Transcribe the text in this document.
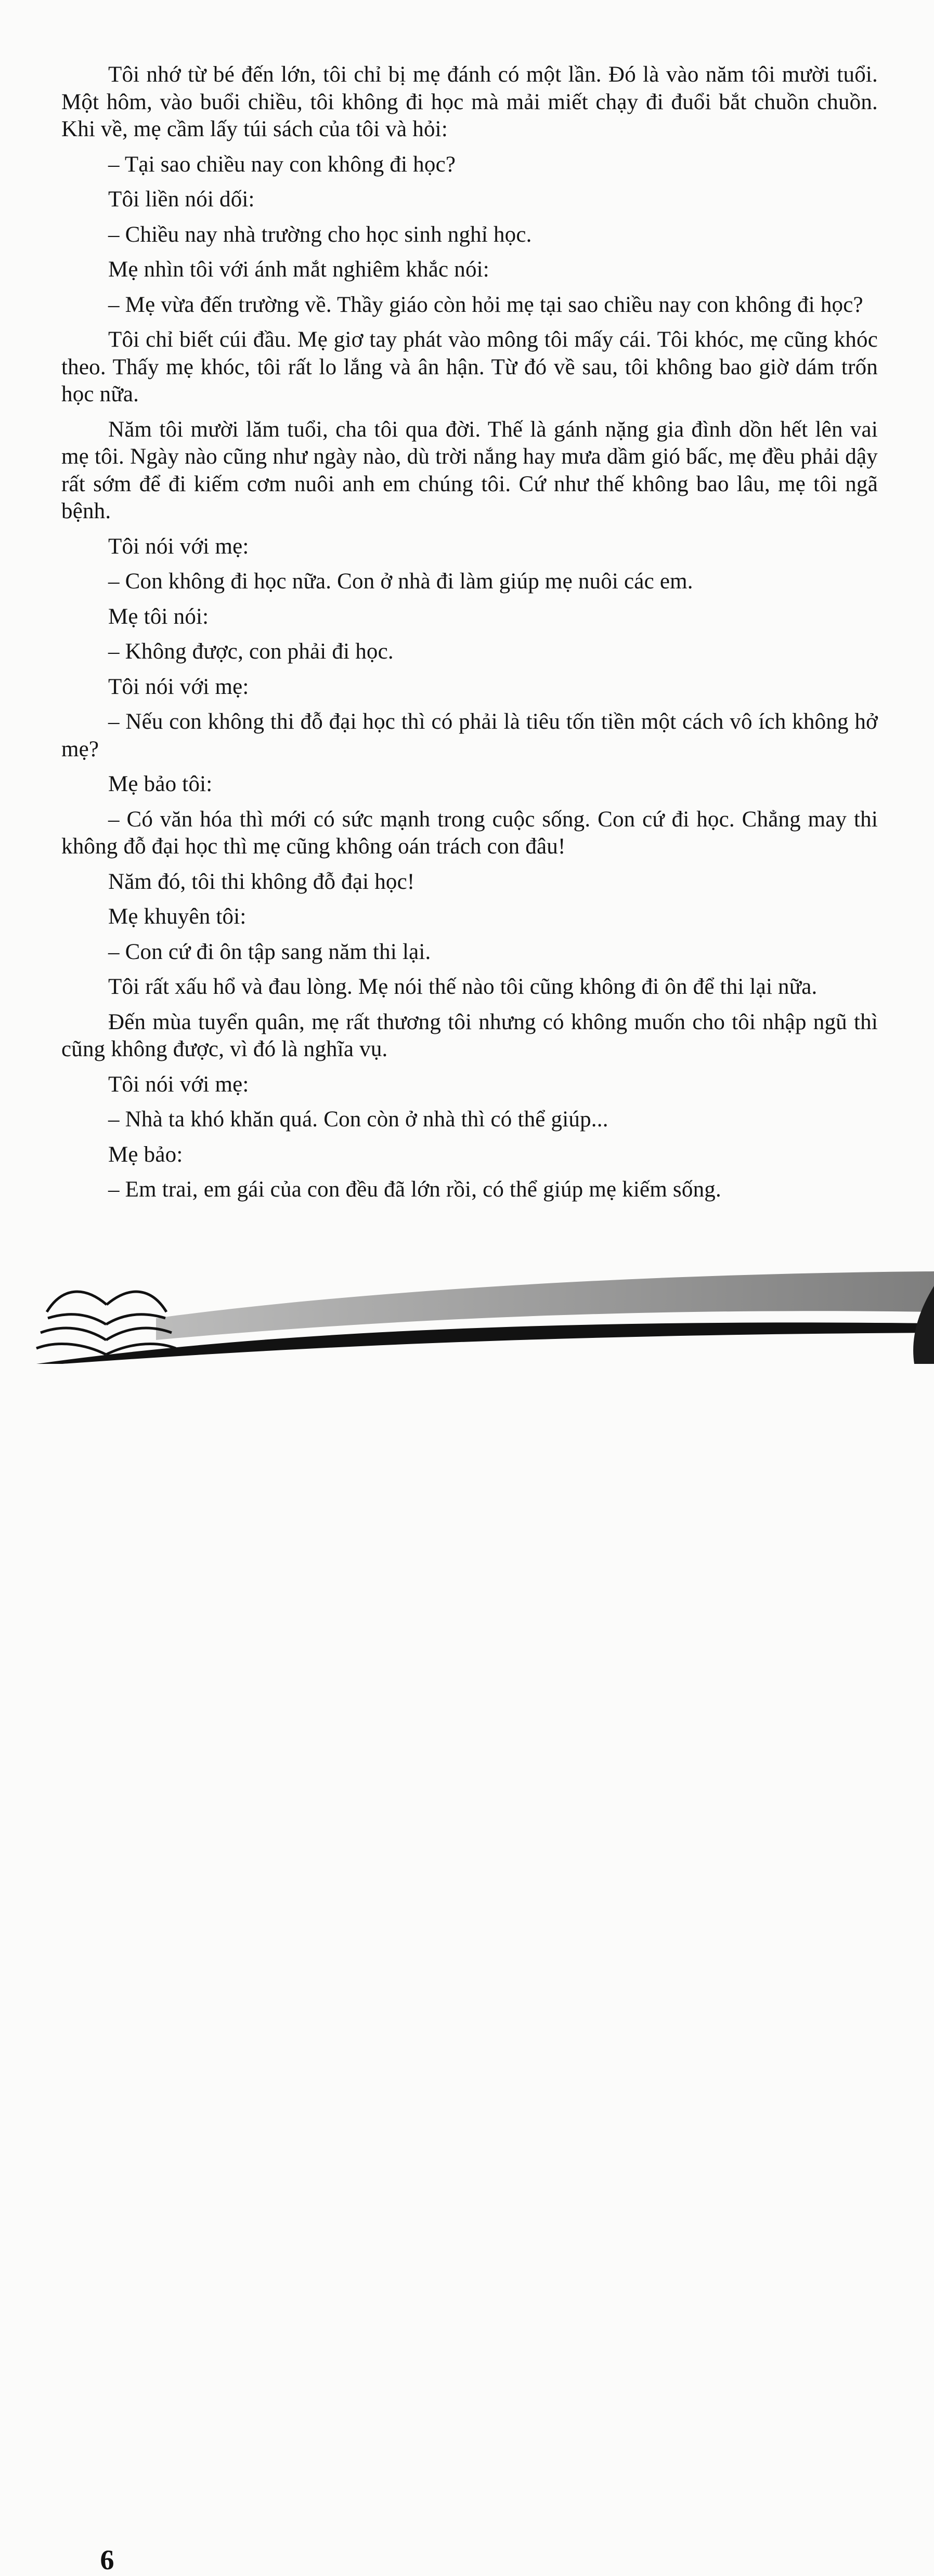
Tôi nhớ từ bé đến lớn, tôi chỉ bị mẹ đánh có một lần. Đó là vào năm tôi mười tuổi. Một hôm, vào buổi chiều, tôi không đi học mà mải miết chạy đi đuổi bắt chuồn chuồn. Khi về, mẹ cầm lấy túi sách của tôi và hỏi:

– Tại sao chiều nay con không đi học?

Tôi liền nói dối:

– Chiều nay nhà trường cho học sinh nghỉ học.

Mẹ nhìn tôi với ánh mắt nghiêm khắc nói:

– Mẹ vừa đến trường về. Thầy giáo còn hỏi mẹ tại sao chiều nay con không đi học?

Tôi chỉ biết cúi đầu. Mẹ giơ tay phát vào mông tôi mấy cái. Tôi khóc, mẹ cũng khóc theo. Thấy mẹ khóc, tôi rất lo lắng và ân hận. Từ đó về sau, tôi không bao giờ dám trốn học nữa.

Năm tôi mười lăm tuổi, cha tôi qua đời. Thế là gánh nặng gia đình dồn hết lên vai mẹ tôi. Ngày nào cũng như ngày nào, dù trời nắng hay mưa dầm gió bấc, mẹ đều phải dậy rất sớm để đi kiếm cơm nuôi anh em chúng tôi. Cứ như thế không bao lâu, mẹ tôi ngã bệnh.

Tôi nói với mẹ:

– Con không đi học nữa. Con ở nhà đi làm giúp mẹ nuôi các em.

Mẹ tôi nói:

– Không được, con phải đi học.

Tôi nói với mẹ:

– Nếu con không thi đỗ đại học thì có phải là tiêu tốn tiền một cách vô ích không hở mẹ?

Mẹ bảo tôi:

– Có văn hóa thì mới có sức mạnh trong cuộc sống. Con cứ đi học. Chẳng may thi không đỗ đại học thì mẹ cũng không oán trách con đâu!

Năm đó, tôi thi không đỗ đại học!

Mẹ khuyên tôi:

– Con cứ đi ôn tập sang năm thi lại.

Tôi rất xấu hổ và đau lòng. Mẹ nói thế nào tôi cũng không đi ôn để thi lại nữa.

Đến mùa tuyển quân, mẹ rất thương tôi nhưng có không muốn cho tôi nhập ngũ thì cũng không được, vì đó là nghĩa vụ.

Tôi nói với mẹ:

– Nhà ta khó khăn quá. Con còn ở nhà thì có thể giúp...

Mẹ bảo:

– Em trai, em gái của con đều đã lớn rồi, có thể giúp mẹ kiếm sống.

6
